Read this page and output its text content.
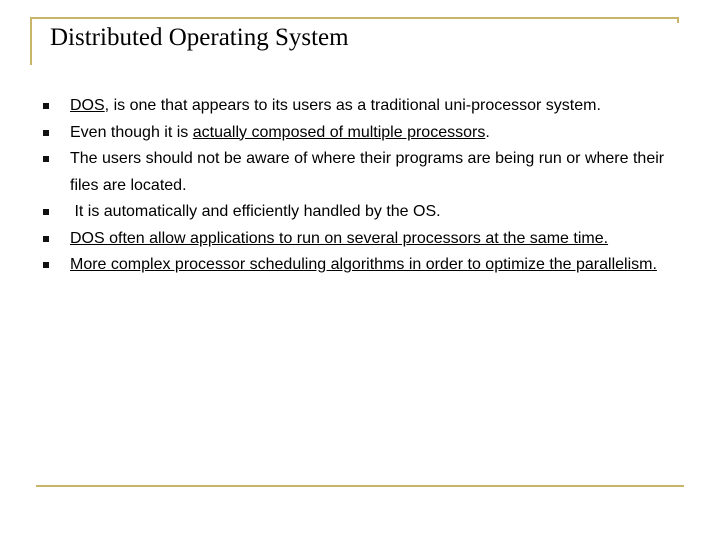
Distributed Operating System
DOS, is one that appears to its users as a traditional uni-processor system.
Even though it is actually composed of multiple processors.
The users should not be aware of where their programs are being run or where their files are located.
It is automatically and efficiently handled by the OS.
DOS often allow applications to run on several processors at the same time.
More complex processor scheduling algorithms in order to optimize the parallelism.
